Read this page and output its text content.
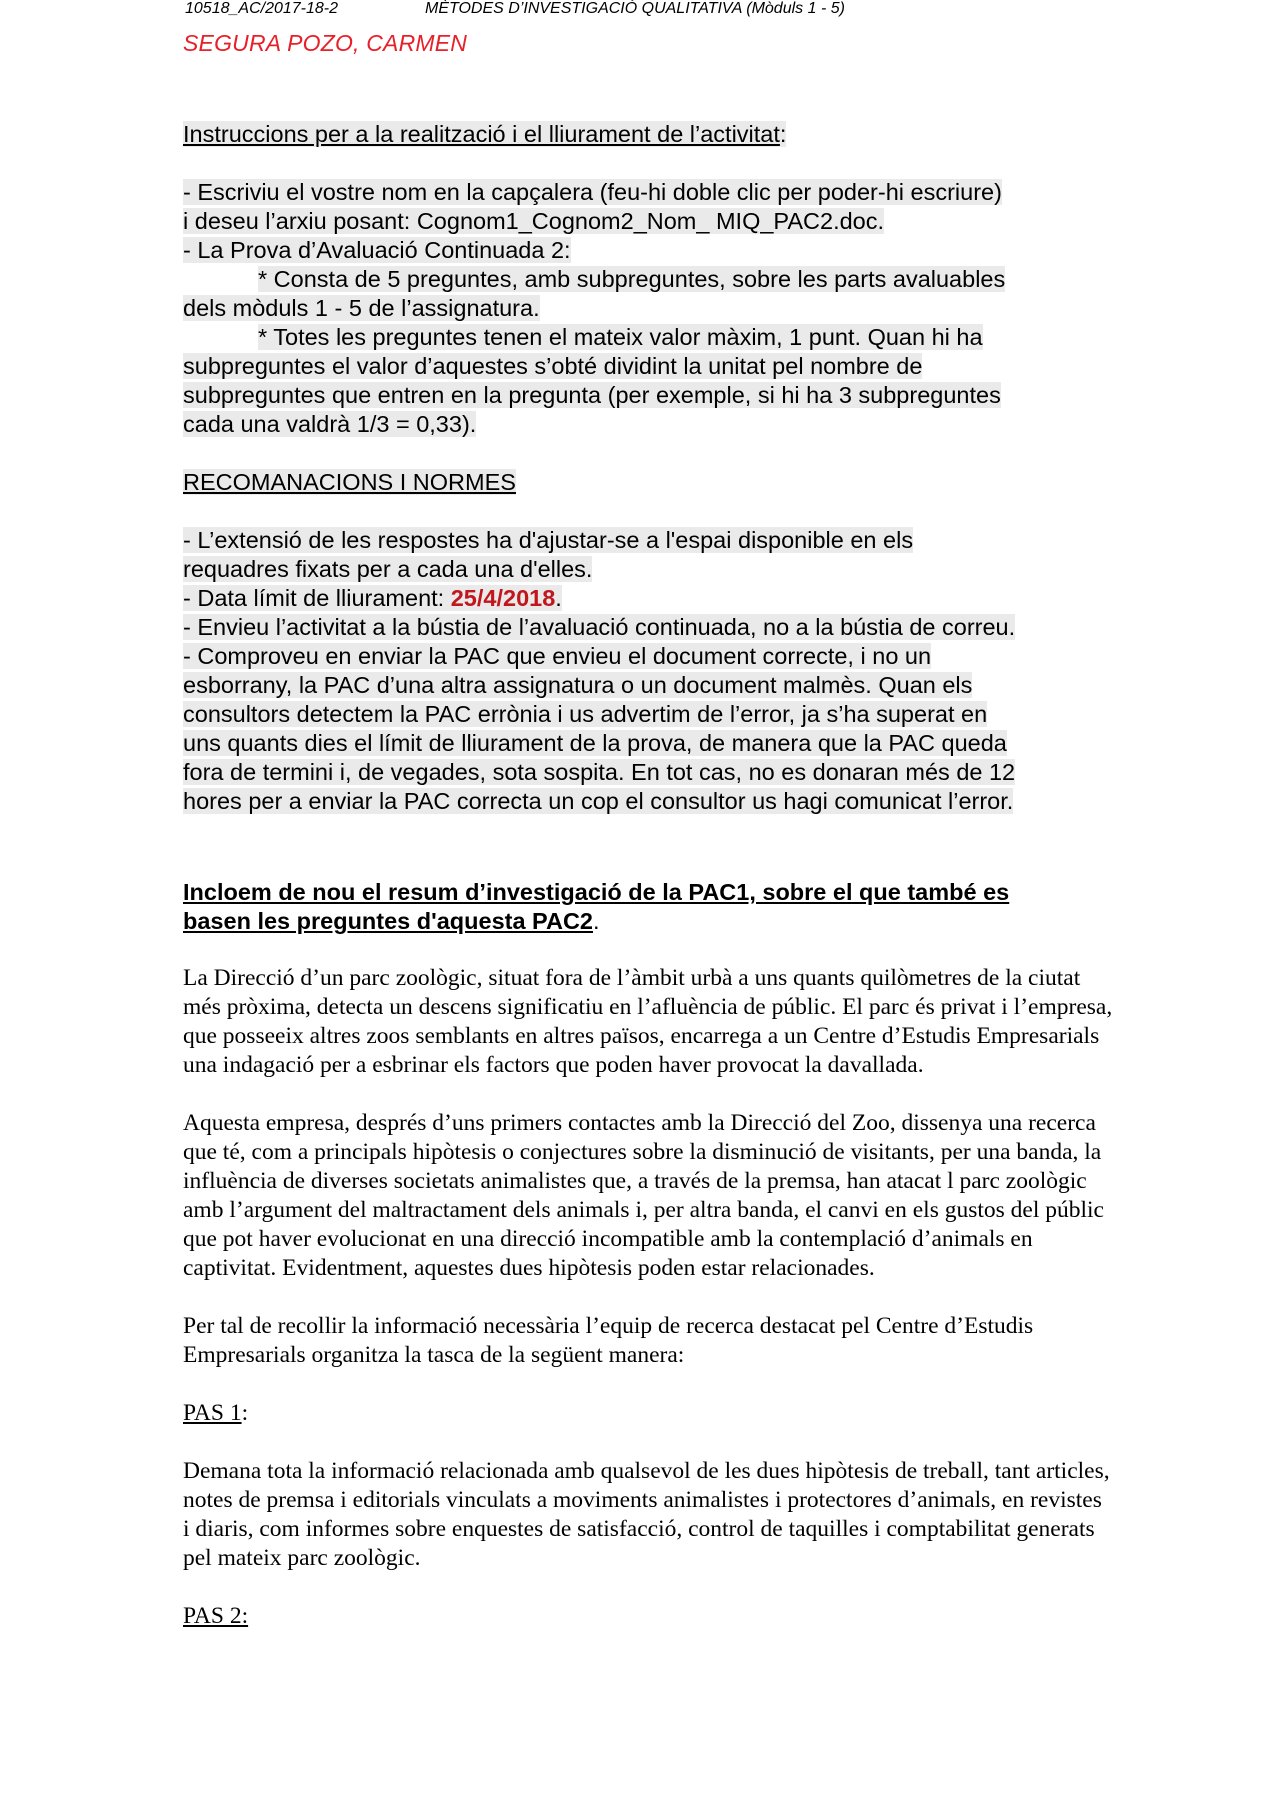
10518_AC/2017-18-2	MÈTODES D’INVESTIGACIÓ QUALITATIVA (Mòduls 1 - 5)
SEGURA POZO, CARMEN

Instruccions per a la realització i el lliurament de l’activitat:

- Escriviu el vostre nom en la capçalera (feu-hi doble clic per poder-hi escriure)

i deseu l’arxiu posant: Cognom1_Cognom2_Nom_ MIQ_PAC2.doc.

- La Prova d’Avaluació Continuada 2:

* Consta de 5 preguntes, amb subpreguntes, sobre les parts avaluables

dels mòduls 1 - 5 de l’assignatura.

* Totes les preguntes tenen el mateix valor màxim, 1 punt. Quan hi ha

subpreguntes el valor d’aquestes s’obté dividint la unitat pel nombre de

subpreguntes que entren en la pregunta (per exemple, si hi ha 3 subpreguntes

cada una valdrà 1/3 = 0,33).

RECOMANACIONS I NORMES

- L’extensió de les respostes ha d'ajustar-se a l'espai disponible en els

requadres fixats per a cada una d'elles.

- Data límit de lliurament: 25/4/2018.

- Envieu l’activitat a la bústia de l’avaluació continuada, no a la bústia de correu.

- Comproveu en enviar la PAC que envieu el document correcte, i no un

esborrany, la PAC d’una altra assignatura o un document malmès. Quan els

consultors detectem la PAC errònia i us advertim de l’error, ja s’ha superat en

uns quants dies el límit de lliurament de la prova, de manera que la PAC queda

fora de termini i, de vegades, sota sospita. En tot cas, no es donaran més de 12

hores per a enviar la PAC correcta un cop el consultor us hagi comunicat l’error.

Incloem de nou el resum d’investigació de la PAC1, sobre el que també es

basen les preguntes d'aquesta PAC2.

La Direcció d’un parc zoològic, situat fora de l’àmbit urbà a uns quants quilòmetres de la ciutat més pròxima, detecta un descens significatiu en l’afluència de públic. El parc és privat i l’empresa, que posseeix altres zoos semblants en altres països, encarrega a un Centre d’Estudis Empresarials una indagació per a esbrinar els factors que poden haver provocat la davallada.

Aquesta empresa, després d’uns primers contactes amb la Direcció del Zoo, dissenya una recerca que té, com a principals hipòtesis o conjectures sobre la disminució de visitants, per una banda, la influència de diverses societats animalistes que, a través de la premsa, han atacat l parc zoològic amb l’argument del maltractament dels animals i, per altra banda, el canvi en els gustos del públic que pot haver evolucionat en una direcció incompatible amb la contemplació d’animals en captivitat. Evidentment, aquestes dues hipòtesis poden estar relacionades.

Per tal de recollir la informació necessària l’equip de recerca destacat pel Centre d’Estudis Empresarials organitza la tasca de la següent manera:

PAS 1:

Demana tota la informació relacionada amb qualsevol de les dues hipòtesis de treball, tant articles, notes de premsa i editorials vinculats a moviments animalistes i protectores d’animals, en revistes i diaris, com informes sobre enquestes de satisfacció, control de taquilles i comptabilitat generats pel mateix parc zoològic.

PAS 2:
